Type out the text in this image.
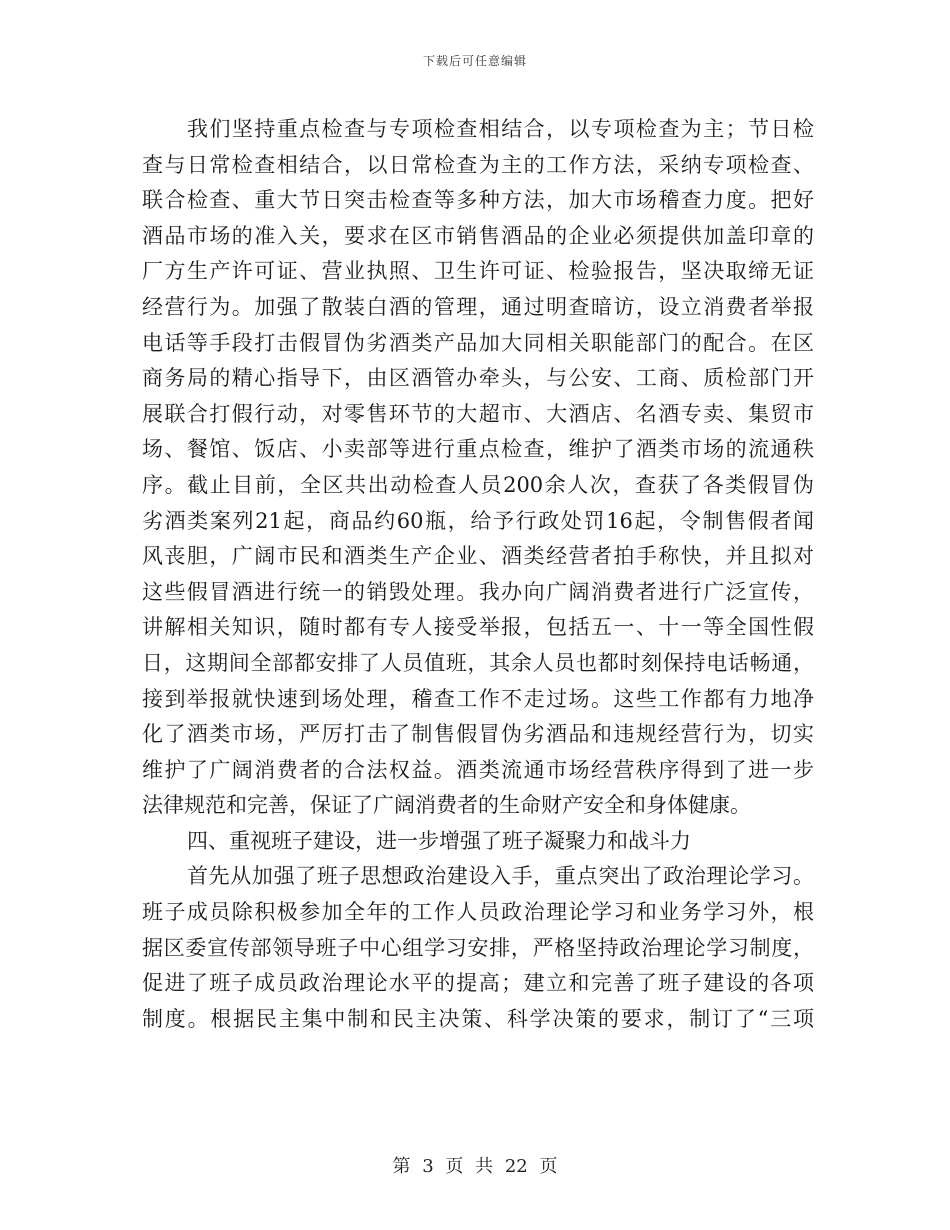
下载后可任意编辑
我们坚持重点检查与专项检查相结合，以专项检查为主；节日检
查与日常检查相结合，以日常检查为主的工作方法，采纳专项检查、
联合检查、重大节日突击检查等多种方法，加大市场稽查力度。把好
酒品市场的准入关，要求在区市销售酒品的企业必须提供加盖印章的
厂方生产许可证、营业执照、卫生许可证、检验报告，坚决取缔无证
经营行为。加强了散装白酒的管理，通过明查暗访，设立消费者举报
电话等手段打击假冒伪劣酒类产品加大同相关职能部门的配合。在区
商务局的精心指导下，由区酒管办牵头，与公安、工商、质检部门开
展联合打假行动，对零售环节的大超市、大酒店、名酒专卖、集贸市
场、餐馆、饭店、小卖部等进行重点检查，维护了酒类市场的流通秩
序。截止目前，全区共出动检查人员200余人次，查获了各类假冒伪
劣酒类案列21起，商品约60瓶，给予行政处罚16起，令制售假者闻
风丧胆，广阔市民和酒类生产企业、酒类经营者拍手称快，并且拟对
这些假冒酒进行统一的销毁处理。我办向广阔消费者进行广泛宣传，
讲解相关知识，随时都有专人接受举报，包括五一、十一等全国性假
日，这期间全部都安排了人员值班，其余人员也都时刻保持电话畅通，
接到举报就快速到场处理，稽查工作不走过场。这些工作都有力地净
化了酒类市场，严厉打击了制售假冒伪劣酒品和违规经营行为，切实
维护了广阔消费者的合法权益。酒类流通市场经营秩序得到了进一步
法律规范和完善，保证了广阔消费者的生命财产安全和身体健康。
四、重视班子建设，进一步增强了班子凝聚力和战斗力
首先从加强了班子思想政治建设入手，重点突出了政治理论学习。
班子成员除积极参加全年的工作人员政治理论学习和业务学习外，根
据区委宣传部领导班子中心组学习安排，严格坚持政治理论学习制度，
促进了班子成员政治理论水平的提高；建立和完善了班子建设的各项
制度。根据民主集中制和民主决策、科学决策的要求，制订了“三项
第 3 页 共 22 页
